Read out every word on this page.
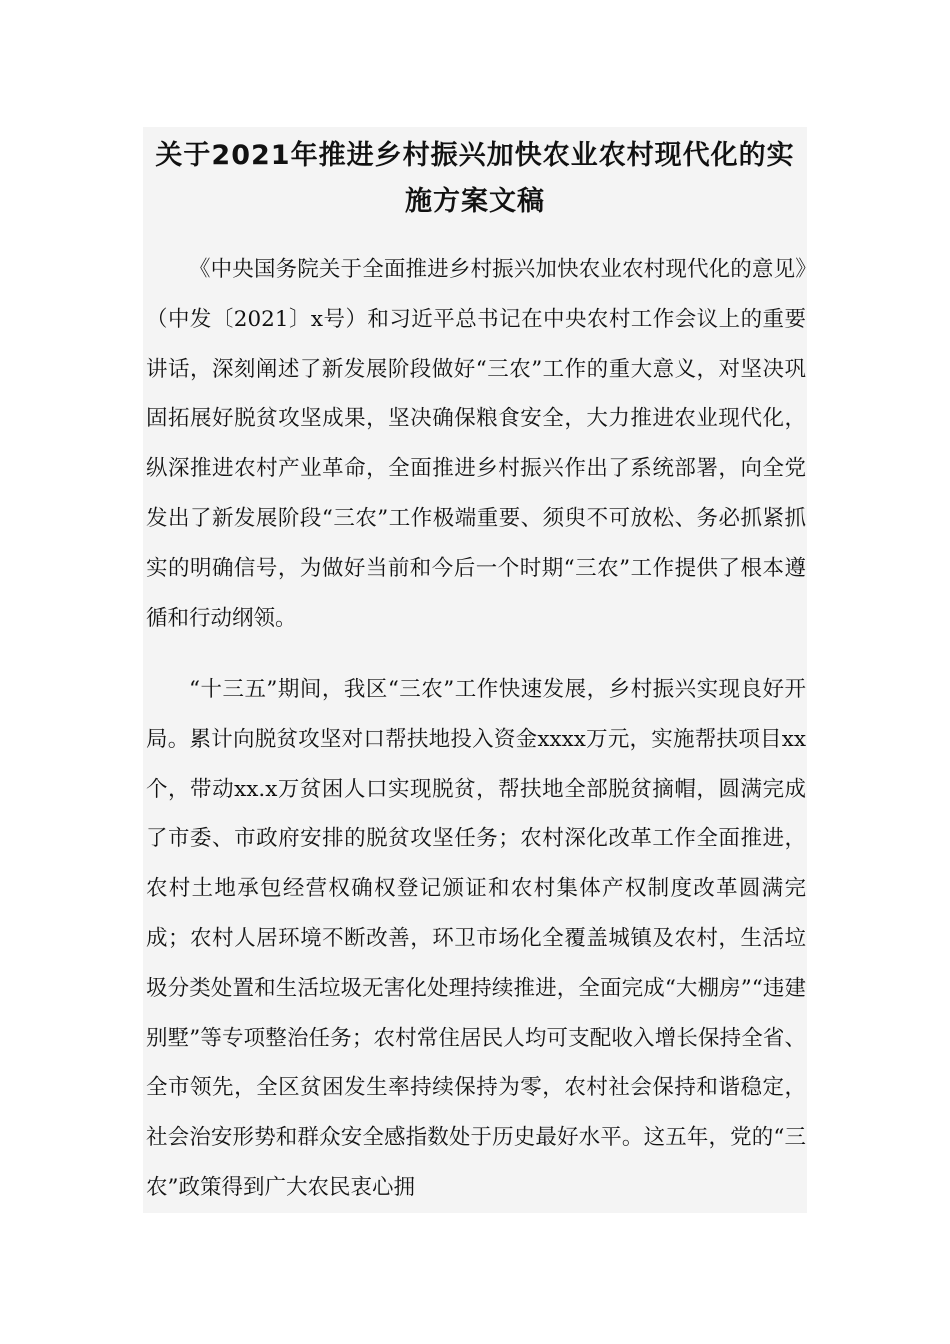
关于2021年推进乡村振兴加快农业农村现代化的实施方案文稿

《中央国务院关于全面推进乡村振兴加快农业农村现代化的意见》（中发〔2021〕x号）和习近平总书记在中央农村工作会议上的重要讲话，深刻阐述了新发展阶段做好“三农”工作的重大意义，对坚决巩固拓展好脱贫攻坚成果，坚决确保粮食安全，大力推进农业现代化，纵深推进农村产业革命，全面推进乡村振兴作出了系统部署，向全党发出了新发展阶段“三农”工作极端重要、须臾不可放松、务必抓紧抓实的明确信号，为做好当前和今后一个时期“三农”工作提供了根本遵循和行动纲领。

“十三五”期间，我区“三农”工作快速发展，乡村振兴实现良好开局。累计向脱贫攻坚对口帮扶地投入资金xxxx万元，实施帮扶项目xx个，带动xx.x万贫困人口实现脱贫，帮扶地全部脱贫摘帽，圆满完成了市委、市政府安排的脱贫攻坚任务；农村深化改革工作全面推进，农村土地承包经营权确权登记颁证和农村集体产权制度改革圆满完成；农村人居环境不断改善，环卫市场化全覆盖城镇及农村，生活垃圾分类处置和生活垃圾无害化处理持续推进，全面完成“大棚房”“违建别墅”等专项整治任务；农村常住居民人均可支配收入增长保持全省、全市领先，全区贫困发生率持续保持为零，农村社会保持和谐稳定，社会治安形势和群众安全感指数处于历史最好水平。这五年，党的“三农”政策得到广大农民衷心拥
